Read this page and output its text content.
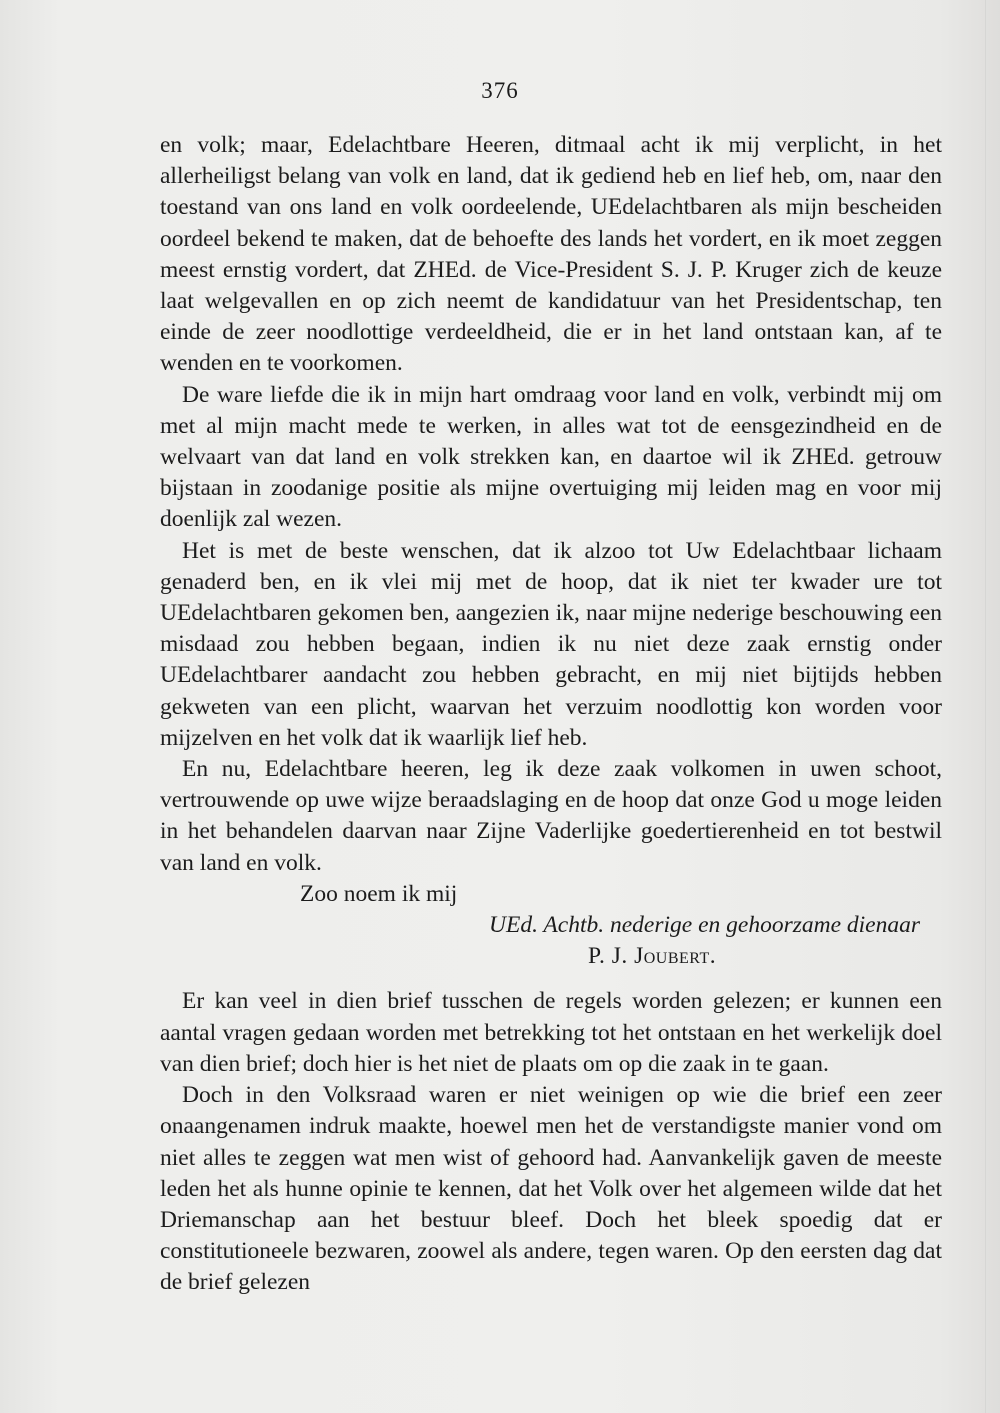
376

en volk; maar, Edelachtbare Heeren, ditmaal acht ik mij verplicht, in het allerheiligst belang van volk en land, dat ik gediend heb en lief heb, om, naar den toestand van ons land en volk oordeelende, UEdelachtbaren als mijn bescheiden oordeel bekend te maken, dat de behoefte des lands het vordert, en ik moet zeggen meest ernstig vordert, dat ZHEd. de Vice-President S. J. P. Kruger zich de keuze laat welgevallen en op zich neemt de kandidatuur van het Presidentschap, ten einde de zeer noodlottige verdeeldheid, die er in het land ontstaan kan, af te wenden en te voorkomen.

De ware liefde die ik in mijn hart omdraag voor land en volk, verbindt mij om met al mijn macht mede te werken, in alles wat tot de eensgezindheid en de welvaart van dat land en volk strekken kan, en daartoe wil ik ZHEd. getrouw bijstaan in zoodanige positie als mijne overtuiging mij leiden mag en voor mij doenlijk zal wezen.

Het is met de beste wenschen, dat ik alzoo tot Uw Edelachtbaar lichaam genaderd ben, en ik vlei mij met de hoop, dat ik niet ter kwader ure tot UEdelachtbaren gekomen ben, aangezien ik, naar mijne nederige beschouwing een misdaad zou hebben begaan, indien ik nu niet deze zaak ernstig onder UEdelachtbarer aandacht zou hebben gebracht, en mij niet bijtijds hebben gekweten van een plicht, waarvan het verzuim noodlottig kon worden voor mijzelven en het volk dat ik waarlijk lief heb.

En nu, Edelachtbare heeren, leg ik deze zaak volkomen in uwen schoot, vertrouwende op uwe wijze beraadslaging en de hoop dat onze God u moge leiden in het behandelen daarvan naar Zijne Vaderlijke goedertierenheid en tot bestwil van land en volk.

Zoo noem ik mij
UEd. Achtb. nederige en gehoorzame dienaar
P. J. Joubert.

Er kan veel in dien brief tusschen de regels worden gelezen; er kunnen een aantal vragen gedaan worden met betrekking tot het ontstaan en het werkelijk doel van dien brief; doch hier is het niet de plaats om op die zaak in te gaan.

Doch in den Volksraad waren er niet weinigen op wie die brief een zeer onaangenamen indruk maakte, hoewel men het de verstandigste manier vond om niet alles te zeggen wat men wist of gehoord had. Aanvankelijk gaven de meeste leden het als hunne opinie te kennen, dat het Volk over het algemeen wilde dat het Driemanschap aan het bestuur bleef. Doch het bleek spoedig dat er constitutioneele bezwaren, zoowel als andere, tegen waren. Op den eersten dag dat de brief gelezen
